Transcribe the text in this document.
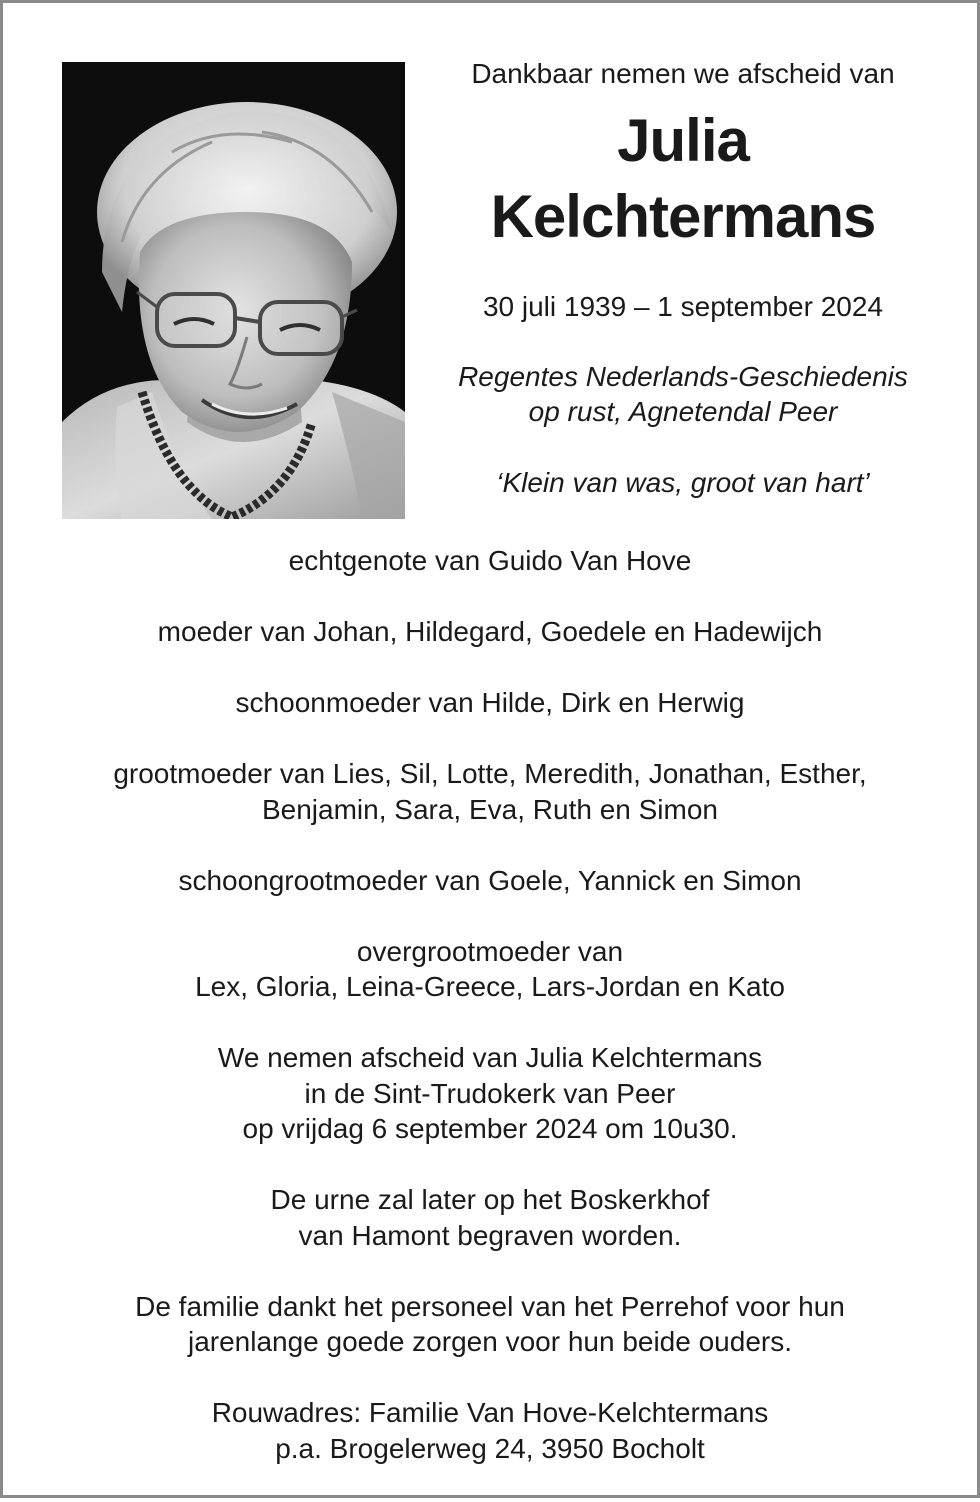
Dankbaar nemen we afscheid van

Julia
Kelchtermans

30 juli 1939 – 1 september 2024

Regentes Nederlands-Geschiedenis
op rust, Agnetendal Peer

‘Klein van was, groot van hart’

echtgenote van Guido Van Hove

moeder van Johan, Hildegard, Goedele en Hadewijch

schoonmoeder van Hilde, Dirk en Herwig

grootmoeder van Lies, Sil, Lotte, Meredith, Jonathan, Esther,
Benjamin, Sara, Eva, Ruth en Simon

schoongrootmoeder van Goele, Yannick en Simon

overgrootmoeder van
Lex, Gloria, Leina-Greece, Lars-Jordan en Kato

We nemen afscheid van Julia Kelchtermans
in de Sint-Trudokerk van Peer
op vrijdag 6 september 2024 om 10u30.

De urne zal later op het Boskerkhof
van Hamont begraven worden.

De familie dankt het personeel van het Perrehof voor hun
jarenlange goede zorgen voor hun beide ouders.

Rouwadres: Familie Van Hove-Kelchtermans
p.a. Brogelerweg 24, 3950 Bocholt
